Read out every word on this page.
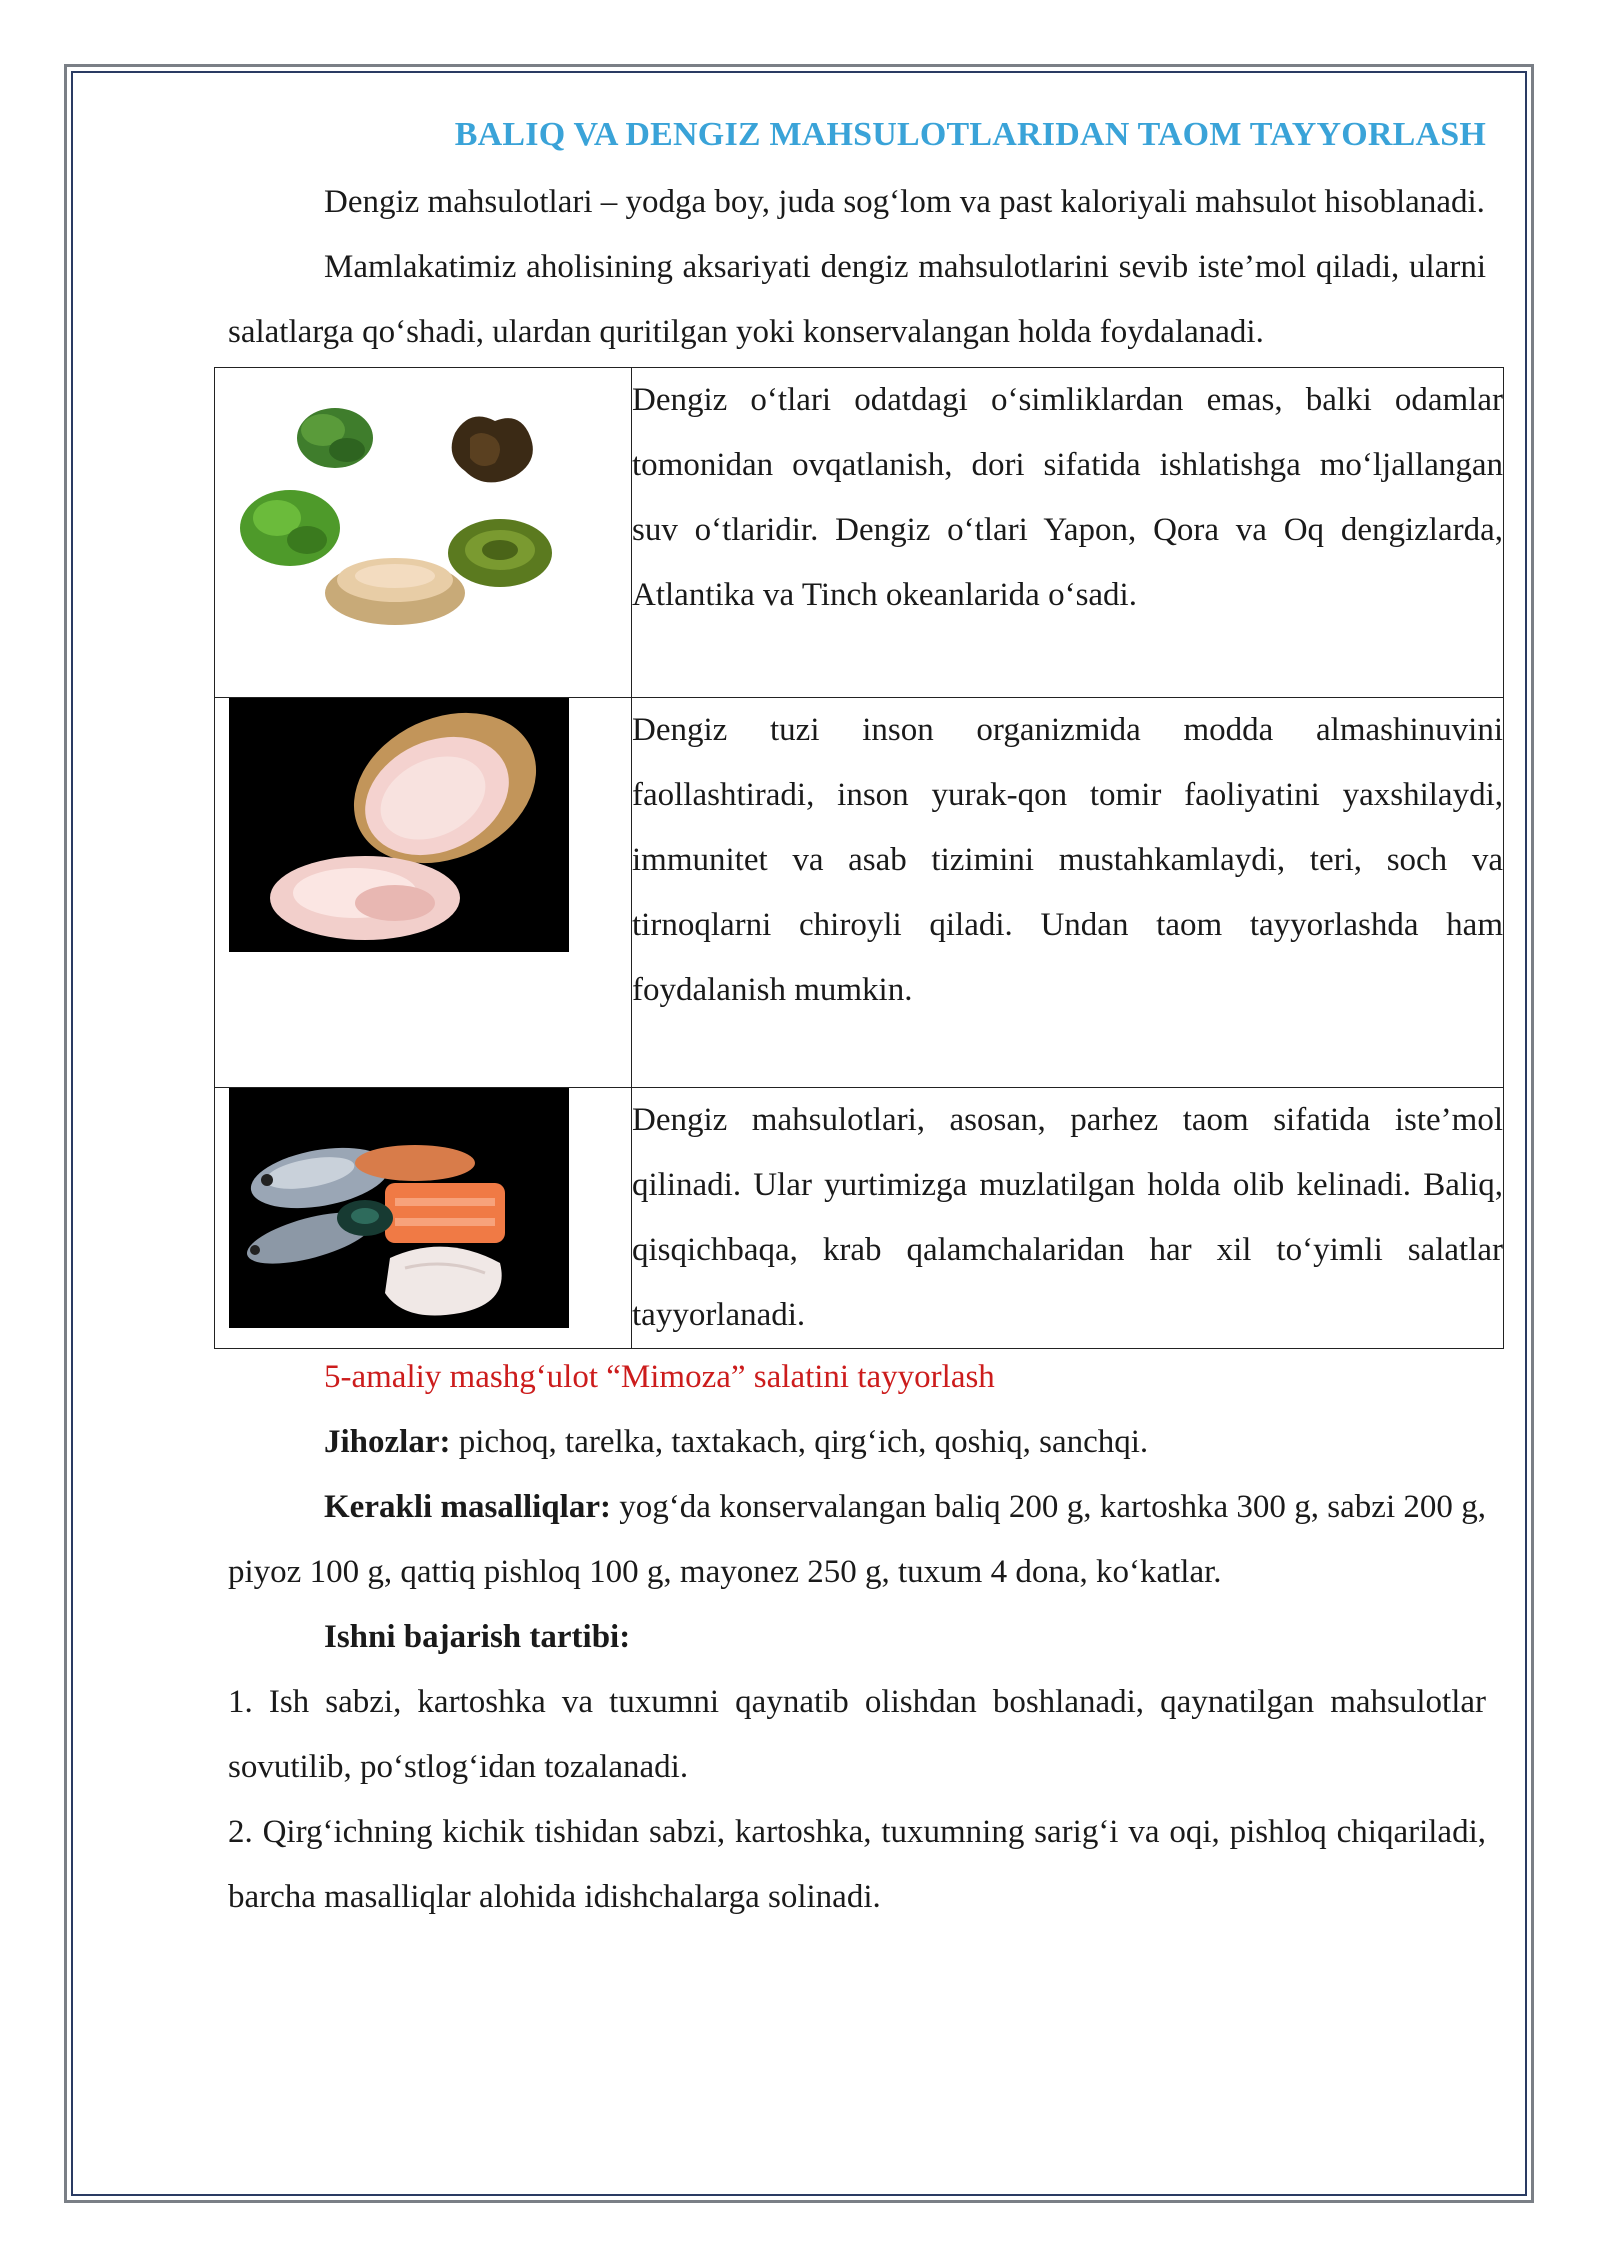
BALIQ VA DENGIZ MAHSULOTLARIDAN TAOM TAYYORLASH

Dengiz mahsulotlari – yodga boy, juda sog‘lom va past kaloriyali mahsulot hisoblanadi.

Mamlakatimiz aholisining aksariyati dengiz mahsulotlarini sevib iste’mol qiladi, ularni salatlarga qo‘shadi, ulardan quritilgan yoki konservalangan holda foydalanadi.

	Dengiz o‘tlari odatdagi o‘simliklardan emas, balki odamlar tomonidan ovqatlanish, dori sifatida ishlatishga mo‘ljallangan suv o‘tlaridir. Dengiz o‘tlari Yapon, Qora va Oq dengizlarda, Atlantika va Tinch okeanlarida o‘sadi.

	Dengiz tuzi inson organizmida modda almashinuvini faollashtiradi, inson yurak-qon tomir faoliyatini yaxshilaydi, immunitet va asab tizimini mustahkamlaydi, teri, soch va tirnoqlarni chiroyli qiladi. Undan taom tayyorlashda ham foydalanish mumkin.

	Dengiz mahsulotlari, asosan, parhez taom sifatida iste’mol qilinadi. Ular yurtimizga muzlatilgan holda olib kelinadi. Baliq, qisqichbaqa, krab qalamchalaridan har xil to‘yimli salatlar tayyorlanadi.

5-amaliy mashg‘ulot “Mimoza” salatini tayyorlash

Jihozlar: pichoq, tarelka, taxtakach, qirg‘ich, qoshiq, sanchqi.

Kerakli masalliqlar: yog‘da konservalangan baliq 200 g, kartoshka 300 g, sabzi 200 g, piyoz 100 g, qattiq pishloq 100 g, mayonez 250 g, tuxum 4 dona, ko‘katlar.

Ishni bajarish tartibi:

1. Ish sabzi, kartoshka va tuxumni qaynatib olishdan boshlanadi, qaynatilgan mahsulotlar sovutilib, po‘stlog‘idan tozalanadi.

2. Qirg‘ichning kichik tishidan sabzi, kartoshka, tuxumning sarig‘i va oqi, pishloq chiqariladi, barcha masalliqlar alohida idishchalarga solinadi.
